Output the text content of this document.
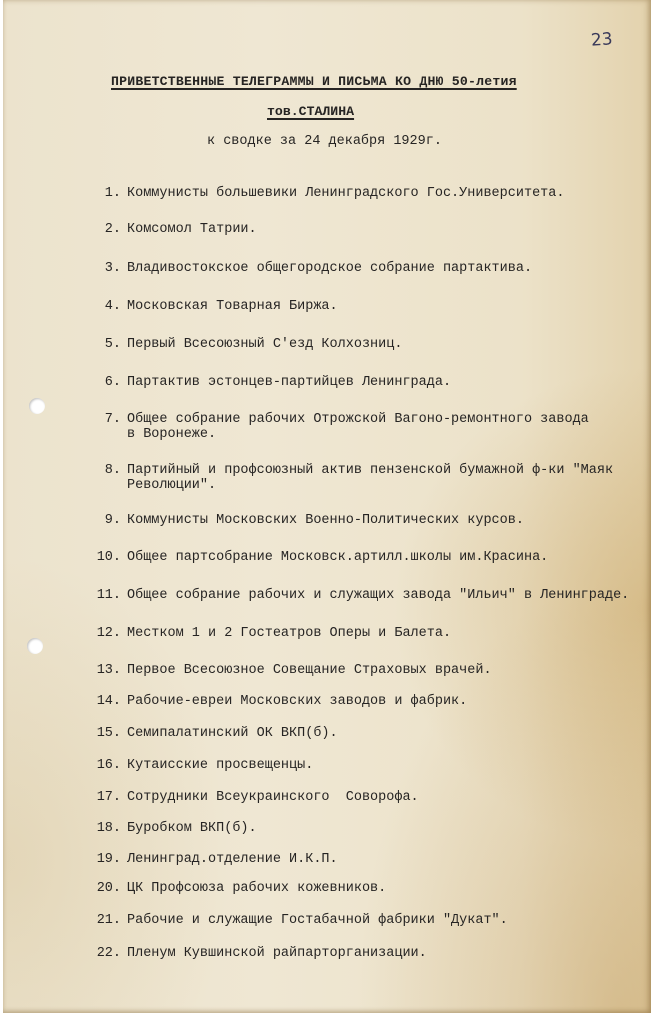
23
ПРИВЕТСТВЕННЫЕ ТЕЛЕГРАММЫ И ПИСЬМА КО ДНЮ 50-летия
тов.СТАЛИНА
к сводке за 24 декабря 1929г.
1. Коммунисты большевики Ленинградского Гос.Университета.
2. Комсомол Татрии.
3. Владивостокское общегородское собрание партактива.
4. Московская Товарная Биржа.
5. Первый Всесоюзный С'езд Колхозниц.
6. Партактив эстонцев-партийцев Ленинграда.
7. Общее собрание рабочих Отрожской Вагоно-ремонтного завода
в Воронеже.
8. Партийный и профсоюзный актив пензенской бумажной ф-ки "Маяк
Революции".
9. Коммунисты Московских Военно-Политических курсов.
10. Общее партсобрание Московск.артилл.школы им.Красина.
11. Общее собрание рабочих и служащих завода "Ильич" в Ленинграде.
12. Местком 1 и 2 Гостеатров Оперы и Балета.
13. Первое Всесоюзное Совещание Страховых врачей.
14. Рабочие-евреи Московских заводов и фабрик.
15. Семипалатинский ОК ВКП(б).
16. Кутаисские просвещенцы.
17. Сотрудники Всеукраинского  Соворофа.
18. Буробком ВКП(б).
19. Ленинград.отделение И.К.П.
20. ЦК Профсоюза рабочих кожевников.
21. Рабочие и служащие Гостабачной фабрики "Дукат".
22. Пленум Кувшинской райпарторганизации.
